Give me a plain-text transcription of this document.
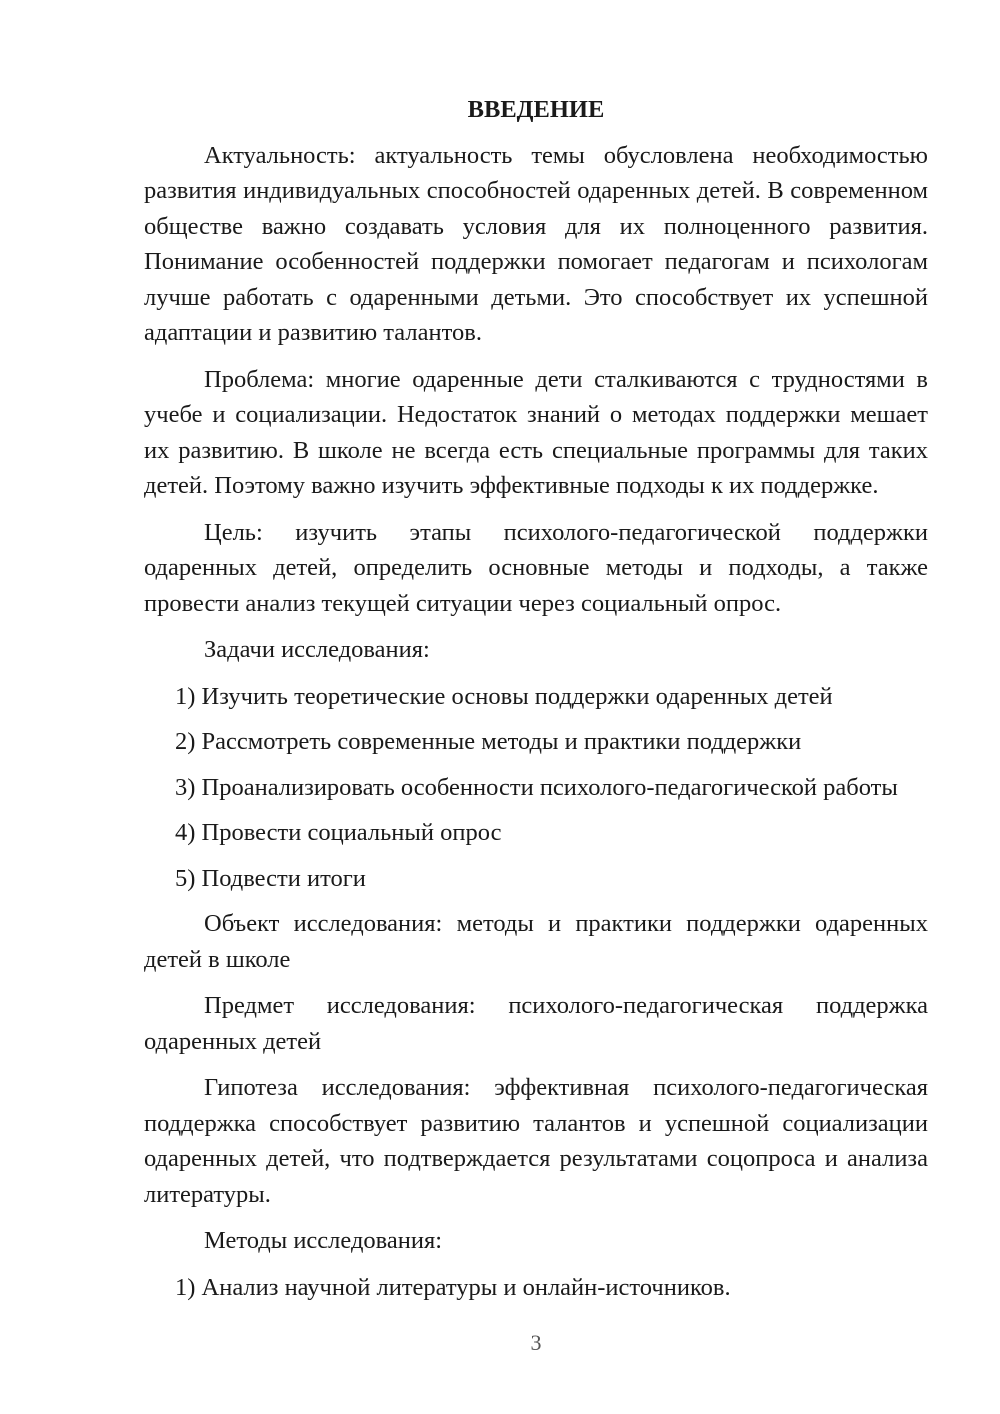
ВВЕДЕНИЕ

Актуальность: актуальность темы обусловлена необходимостью развития индивидуальных способностей одаренных детей. В современном обществе важно создавать условия для их полноценного развития. Понимание особенностей поддержки помогает педагогам и психологам лучше работать с одаренными детьми. Это способствует их успешной адаптации и развитию талантов.

Проблема: многие одаренные дети сталкиваются с трудностями в учебе и социализации. Недостаток знаний о методах поддержки мешает их развитию. В школе не всегда есть специальные программы для таких детей. Поэтому важно изучить эффективные подходы к их поддержке.

Цель: изучить этапы психолого-педагогической поддержки одаренных детей, определить основные методы и подходы, а также провести анализ текущей ситуации через социальный опрос.

Задачи исследования:

1) Изучить теоретические основы поддержки одаренных детей
2) Рассмотреть современные методы и практики поддержки
3) Проанализировать особенности психолого-педагогической работы
4) Провести социальный опрос
5) Подвести итоги

Объект исследования: методы и практики поддержки одаренных детей в школе

Предмет исследования: психолого-педагогическая поддержка одаренных детей

Гипотеза исследования: эффективная психолого-педагогическая поддержка способствует развитию талантов и успешной социализации одаренных детей, что подтверждается результатами соцопроса и анализа литературы.

Методы исследования:

1) Анализ научной литературы и онлайн-источников.
3
